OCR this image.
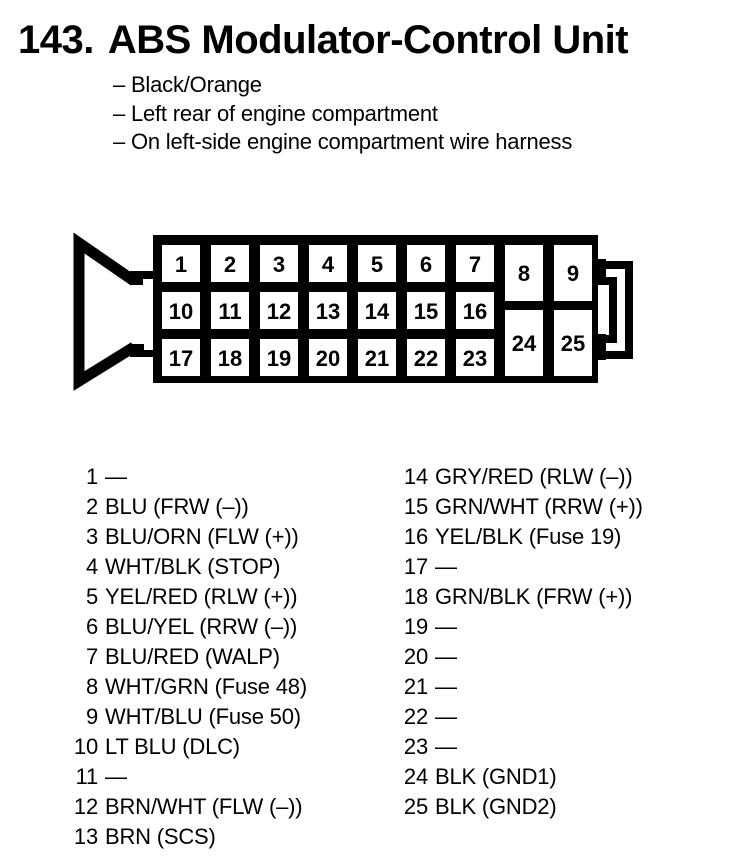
143. ABS Modulator-Control Unit
– Black/Orange
– Left rear of engine compartment
– On left-side engine compartment wire harness
1 2 3 4 5 6 7 8 9
10 11 12 13 14 15 16
17 18 19 20 21 22 23
24 25
1 —
2 BLU (FRW (–))
3 BLU/ORN (FLW (+))
4 WHT/BLK (STOP)
5 YEL/RED (RLW (+))
6 BLU/YEL (RRW (–))
7 BLU/RED (WALP)
8 WHT/GRN (Fuse 48)
9 WHT/BLU (Fuse 50)
10 LT BLU (DLC)
11 —
12 BRN/WHT (FLW (–))
13 BRN (SCS)
14 GRY/RED (RLW (–))
15 GRN/WHT (RRW (+))
16 YEL/BLK (Fuse 19)
17 —
18 GRN/BLK (FRW (+))
19 —
20 —
21 —
22 —
23 —
24 BLK (GND1)
25 BLK (GND2)
